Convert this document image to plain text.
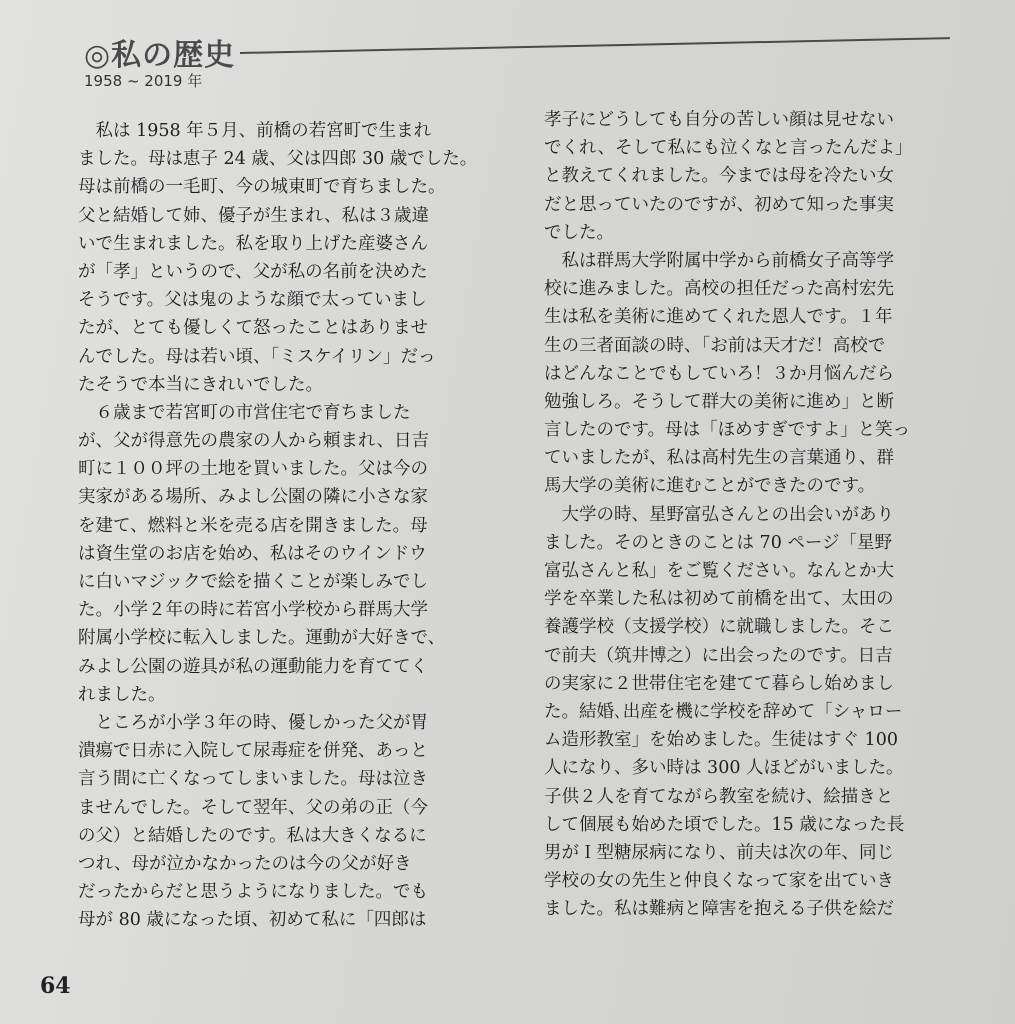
◎私の歴史
1958 ~ 2019 年
　私は 1958 年５月、前橋の若宮町で生まれ
ました。母は恵子 24 歳、父は四郎 30 歳でした。
母は前橋の一毛町、今の城東町で育ちました。
父と結婚して姉、優子が生まれ、私は３歳違
いで生まれました。私を取り上げた産婆さん
が「孝」というので、父が私の名前を決めた
そうです。父は鬼のような顔で太っていまし
たが、とても優しくて怒ったことはありませ
んでした。母は若い頃、「ミスケイリン」だっ
たそうで本当にきれいでした。
　６歳まで若宮町の市営住宅で育ちました
が、父が得意先の農家の人から頼まれ、日吉
町に１００坪の土地を買いました。父は今の
実家がある場所、みよし公園の隣に小さな家
を建て、燃料と米を売る店を開きました。母
は資生堂のお店を始め、私はそのウインドウ
に白いマジックで絵を描くことが楽しみでし
た。小学２年の時に若宮小学校から群馬大学
附属小学校に転入しました。運動が大好きで、
みよし公園の遊具が私の運動能力を育ててく
れました。
　ところが小学３年の時、優しかった父が胃
潰瘍で日赤に入院して尿毒症を併発、あっと
言う間に亡くなってしまいました。母は泣き
ませんでした。そして翌年、父の弟の正（今
の父）と結婚したのです。私は大きくなるに
つれ、母が泣かなかったのは今の父が好き
だったからだと思うようになりました。でも
母が 80 歳になった頃、初めて私に「四郎は
孝子にどうしても自分の苦しい顔は見せない
でくれ、そして私にも泣くなと言ったんだよ」
と教えてくれました。今までは母を冷たい女
だと思っていたのですが、初めて知った事実
でした。
　私は群馬大学附属中学から前橋女子高等学
校に進みました。高校の担任だった高村宏先
生は私を美術に進めてくれた恩人です。１年
生の三者面談の時、「お前は天才だ！高校で
はどんなことでもしていろ！３か月悩んだら
勉強しろ。そうして群大の美術に進め」と断
言したのです。母は「ほめすぎですよ」と笑っ
ていましたが、私は高村先生の言葉通り、群
馬大学の美術に進むことができたのです。
　大学の時、星野富弘さんとの出会いがあり
ました。そのときのことは 70 ページ「星野
富弘さんと私」をご覧ください。なんとか大
学を卒業した私は初めて前橋を出て、太田の
養護学校（支援学校）に就職しました。そこ
で前夫（筑井博之）に出会ったのです。日吉
の実家に２世帯住宅を建てて暮らし始めまし
た。結婚､出産を機に学校を辞めて「シャロー
ム造形教室」を始めました。生徒はすぐ 100
人になり、多い時は 300 人ほどがいました。
子供２人を育てながら教室を続け、絵描きと
して個展も始めた頃でした。15 歳になった長
男がＩ型糖尿病になり、前夫は次の年、同じ
学校の女の先生と仲良くなって家を出ていき
ました。私は難病と障害を抱える子供を絵だ
64
